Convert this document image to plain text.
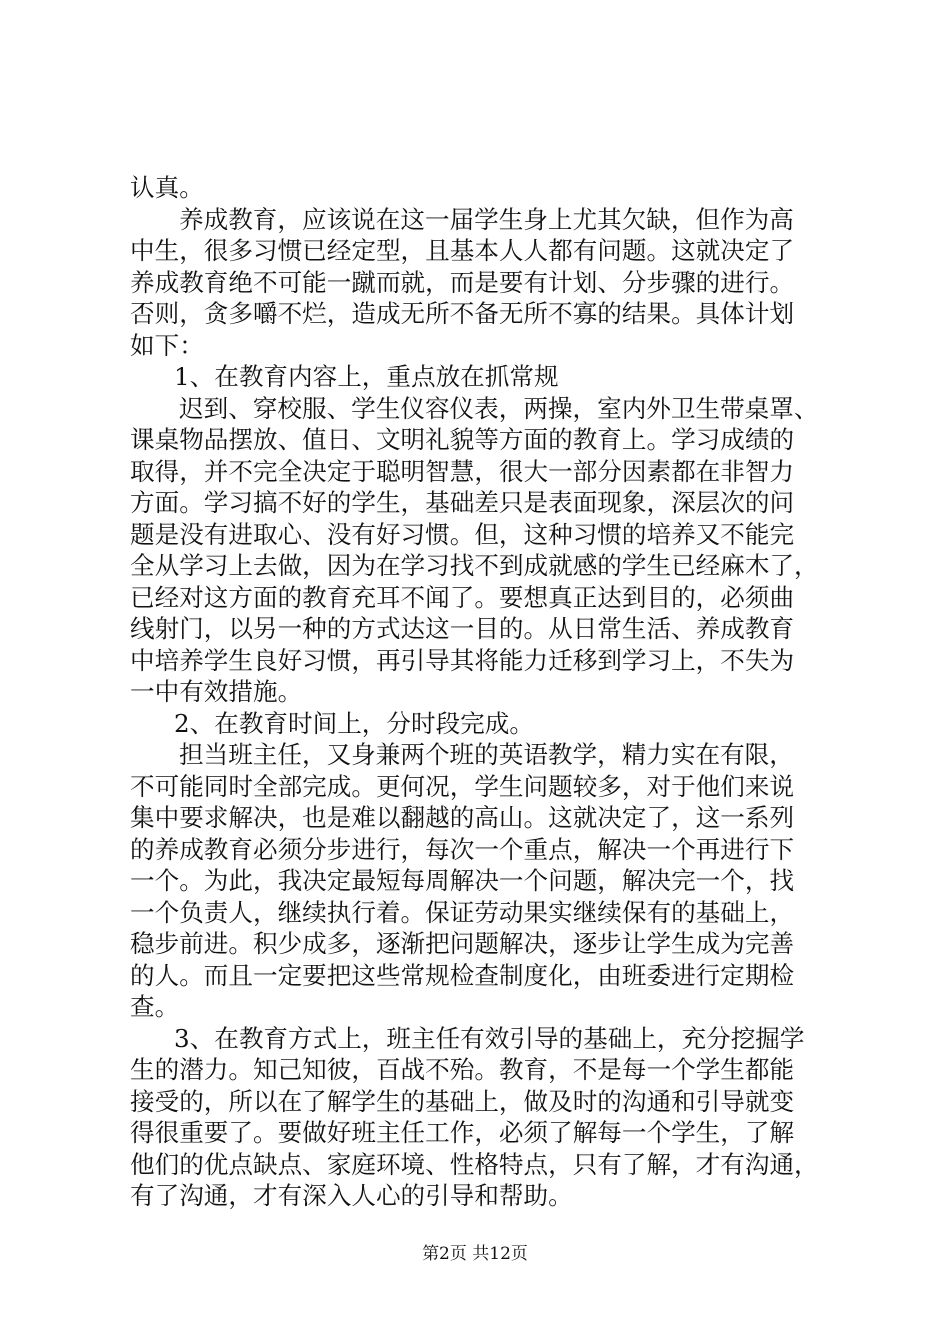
认真。
养成教育，应该说在这一届学生身上尤其欠缺，但作为高
中生，很多习惯已经定型，且基本人人都有问题。这就决定了
养成教育绝不可能一蹴而就，而是要有计划、分步骤的进行。
否则，贪多嚼不烂，造成无所不备无所不寡的结果。具体计划
如下：
1、在教育内容上，重点放在抓常规
迟到、穿校服、学生仪容仪表，两操，室内外卫生带桌罩、
课桌物品摆放、值日、文明礼貌等方面的教育上。学习成绩的
取得，并不完全决定于聪明智慧，很大一部分因素都在非智力
方面。学习搞不好的学生，基础差只是表面现象，深层次的问
题是没有进取心、没有好习惯。但，这种习惯的培养又不能完
全从学习上去做，因为在学习找不到成就感的学生已经麻木了，
已经对这方面的教育充耳不闻了。要想真正达到目的，必须曲
线射门，以另一种的方式达这一目的。从日常生活、养成教育
中培养学生良好习惯，再引导其将能力迁移到学习上，不失为
一中有效措施。
2、在教育时间上，分时段完成。
担当班主任，又身兼两个班的英语教学，精力实在有限，
不可能同时全部完成。更何况，学生问题较多，对于他们来说
集中要求解决，也是难以翻越的高山。这就决定了，这一系列
的养成教育必须分步进行，每次一个重点，解决一个再进行下
一个。为此，我决定最短每周解决一个问题，解决完一个，找
一个负责人，继续执行着。保证劳动果实继续保有的基础上，
稳步前进。积少成多，逐渐把问题解决，逐步让学生成为完善
的人。而且一定要把这些常规检查制度化，由班委进行定期检
查。
3、在教育方式上，班主任有效引导的基础上，充分挖掘学
生的潜力。知己知彼，百战不殆。教育，不是每一个学生都能
接受的，所以在了解学生的基础上，做及时的沟通和引导就变
得很重要了。要做好班主任工作，必须了解每一个学生，了解
他们的优点缺点、家庭环境、性格特点，只有了解，才有沟通，
有了沟通，才有深入人心的引导和帮助。
第2页 共12页
